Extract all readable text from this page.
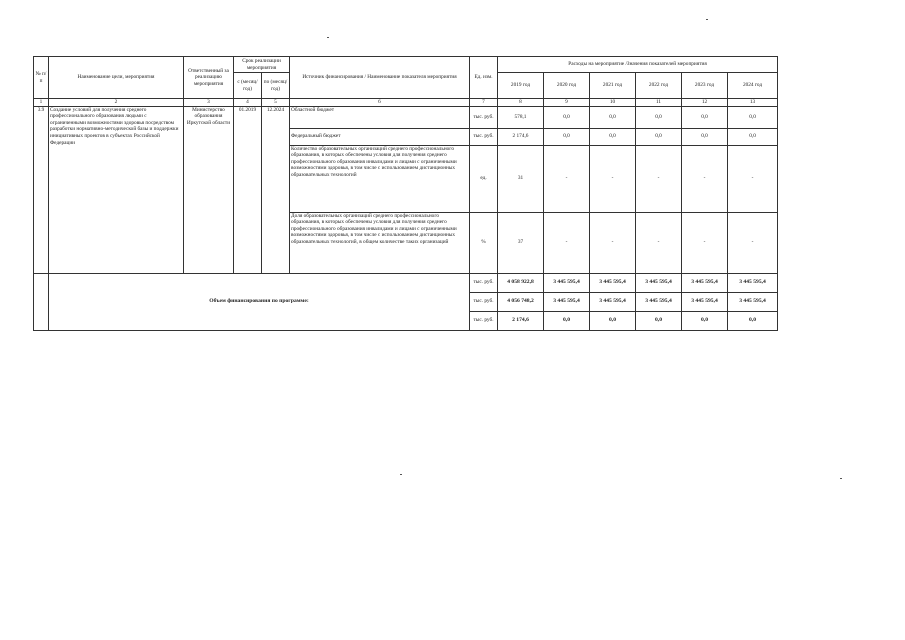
№ п/п	Наименование цели, мероприятия	Ответственный за реализацию мероприятия	Срок реализации мероприятия		Источник финансирования / Наименование показателя мероприятия	Ед. изм.	Расходы на мероприятие /Значения показателей мероприятия					
			с (месяц/ год)	по (месяц/ год)			2019 год	2020 год	2021 год	2022 год	2023 год	2024 год
1	2	3	4	5	6	7	8	9	10	11	12	13
3.9	Создание условий для получения среднего профессионального образования людьми с ограниченными возможностями здоровья посредством разработки нормативно-методической базы и поддержки инициативных проектов в субъектах Российской Федерации	Министерство образования Иркутской области	01.2019	12.2024	Областной бюджет	тыс. руб.	578,1	0,0	0,0	0,0	0,0	0,0
					Федеральный бюджет	тыс. руб.	2 174,6	0,0	0,0	0,0	0,0	0,0
					Количество образовательных организаций среднего профессионального образования, в которых обеспечены условия для получения среднего профессионального образования инвалидами и лицами с ограниченными возможностями здоровья, в том числе с использованием дистанционных образовательных технологий	ед.	31	-	-	-	-	-
					Доля образовательных организаций среднего профессионального образования, в которых обеспечены условия для получения среднего профессионального образования инвалидами и лицами с ограниченными возможностями здоровья, в том числе с использованием дистанционных образовательных технологий, в общем количестве таких организаций	%	37	-	-	-	-	-
	Объем финансирования по программе:					тыс. руб.	4 058 922,8	3 445 595,4	3 445 595,4	3 445 595,4	3 445 595,4	3 445 595,4
						тыс. руб.	4 056 748,2	3 445 595,4	3 445 595,4	3 445 595,4	3 445 595,4	3 445 595,4
						тыс. руб.	2 174,6	0,0	0,0	0,0	0,0	0,0
